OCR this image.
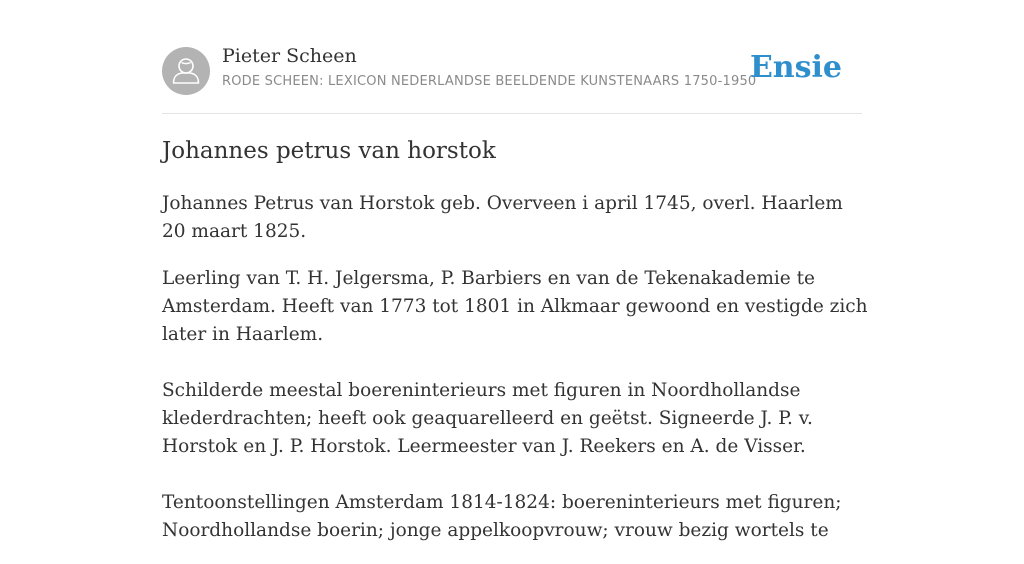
Pieter Scheen
RODE SCHEEN: LEXICON NEDERLANDSE BEELDENDE KUNSTENAARS 1750-1950
Ensie
Johannes petrus van horstok

Johannes Petrus van Horstok geb. Overveen i april 1745, overl. Haarlem 20 maart 1825.

Leerling van T. H. Jelgersma, P. Barbiers en van de Tekenakademie te Amsterdam. Heeft van 1773 tot 1801 in Alkmaar gewoond en vestigde zich later in Haarlem.

Schilderde meestal boereninterieurs met figuren in Noordhollandse klederdrachten; heeft ook geaquarelleerd en geëtst. Signeerde J. P. v. Horstok en J. P. Horstok. Leermeester van J. Reekers en A. de Visser.

Tentoonstellingen Amsterdam 1814-1824: boereninterieurs met figuren; Noordhollandse boerin; jonge appelkoopvrouw; vrouw bezig wortels te
